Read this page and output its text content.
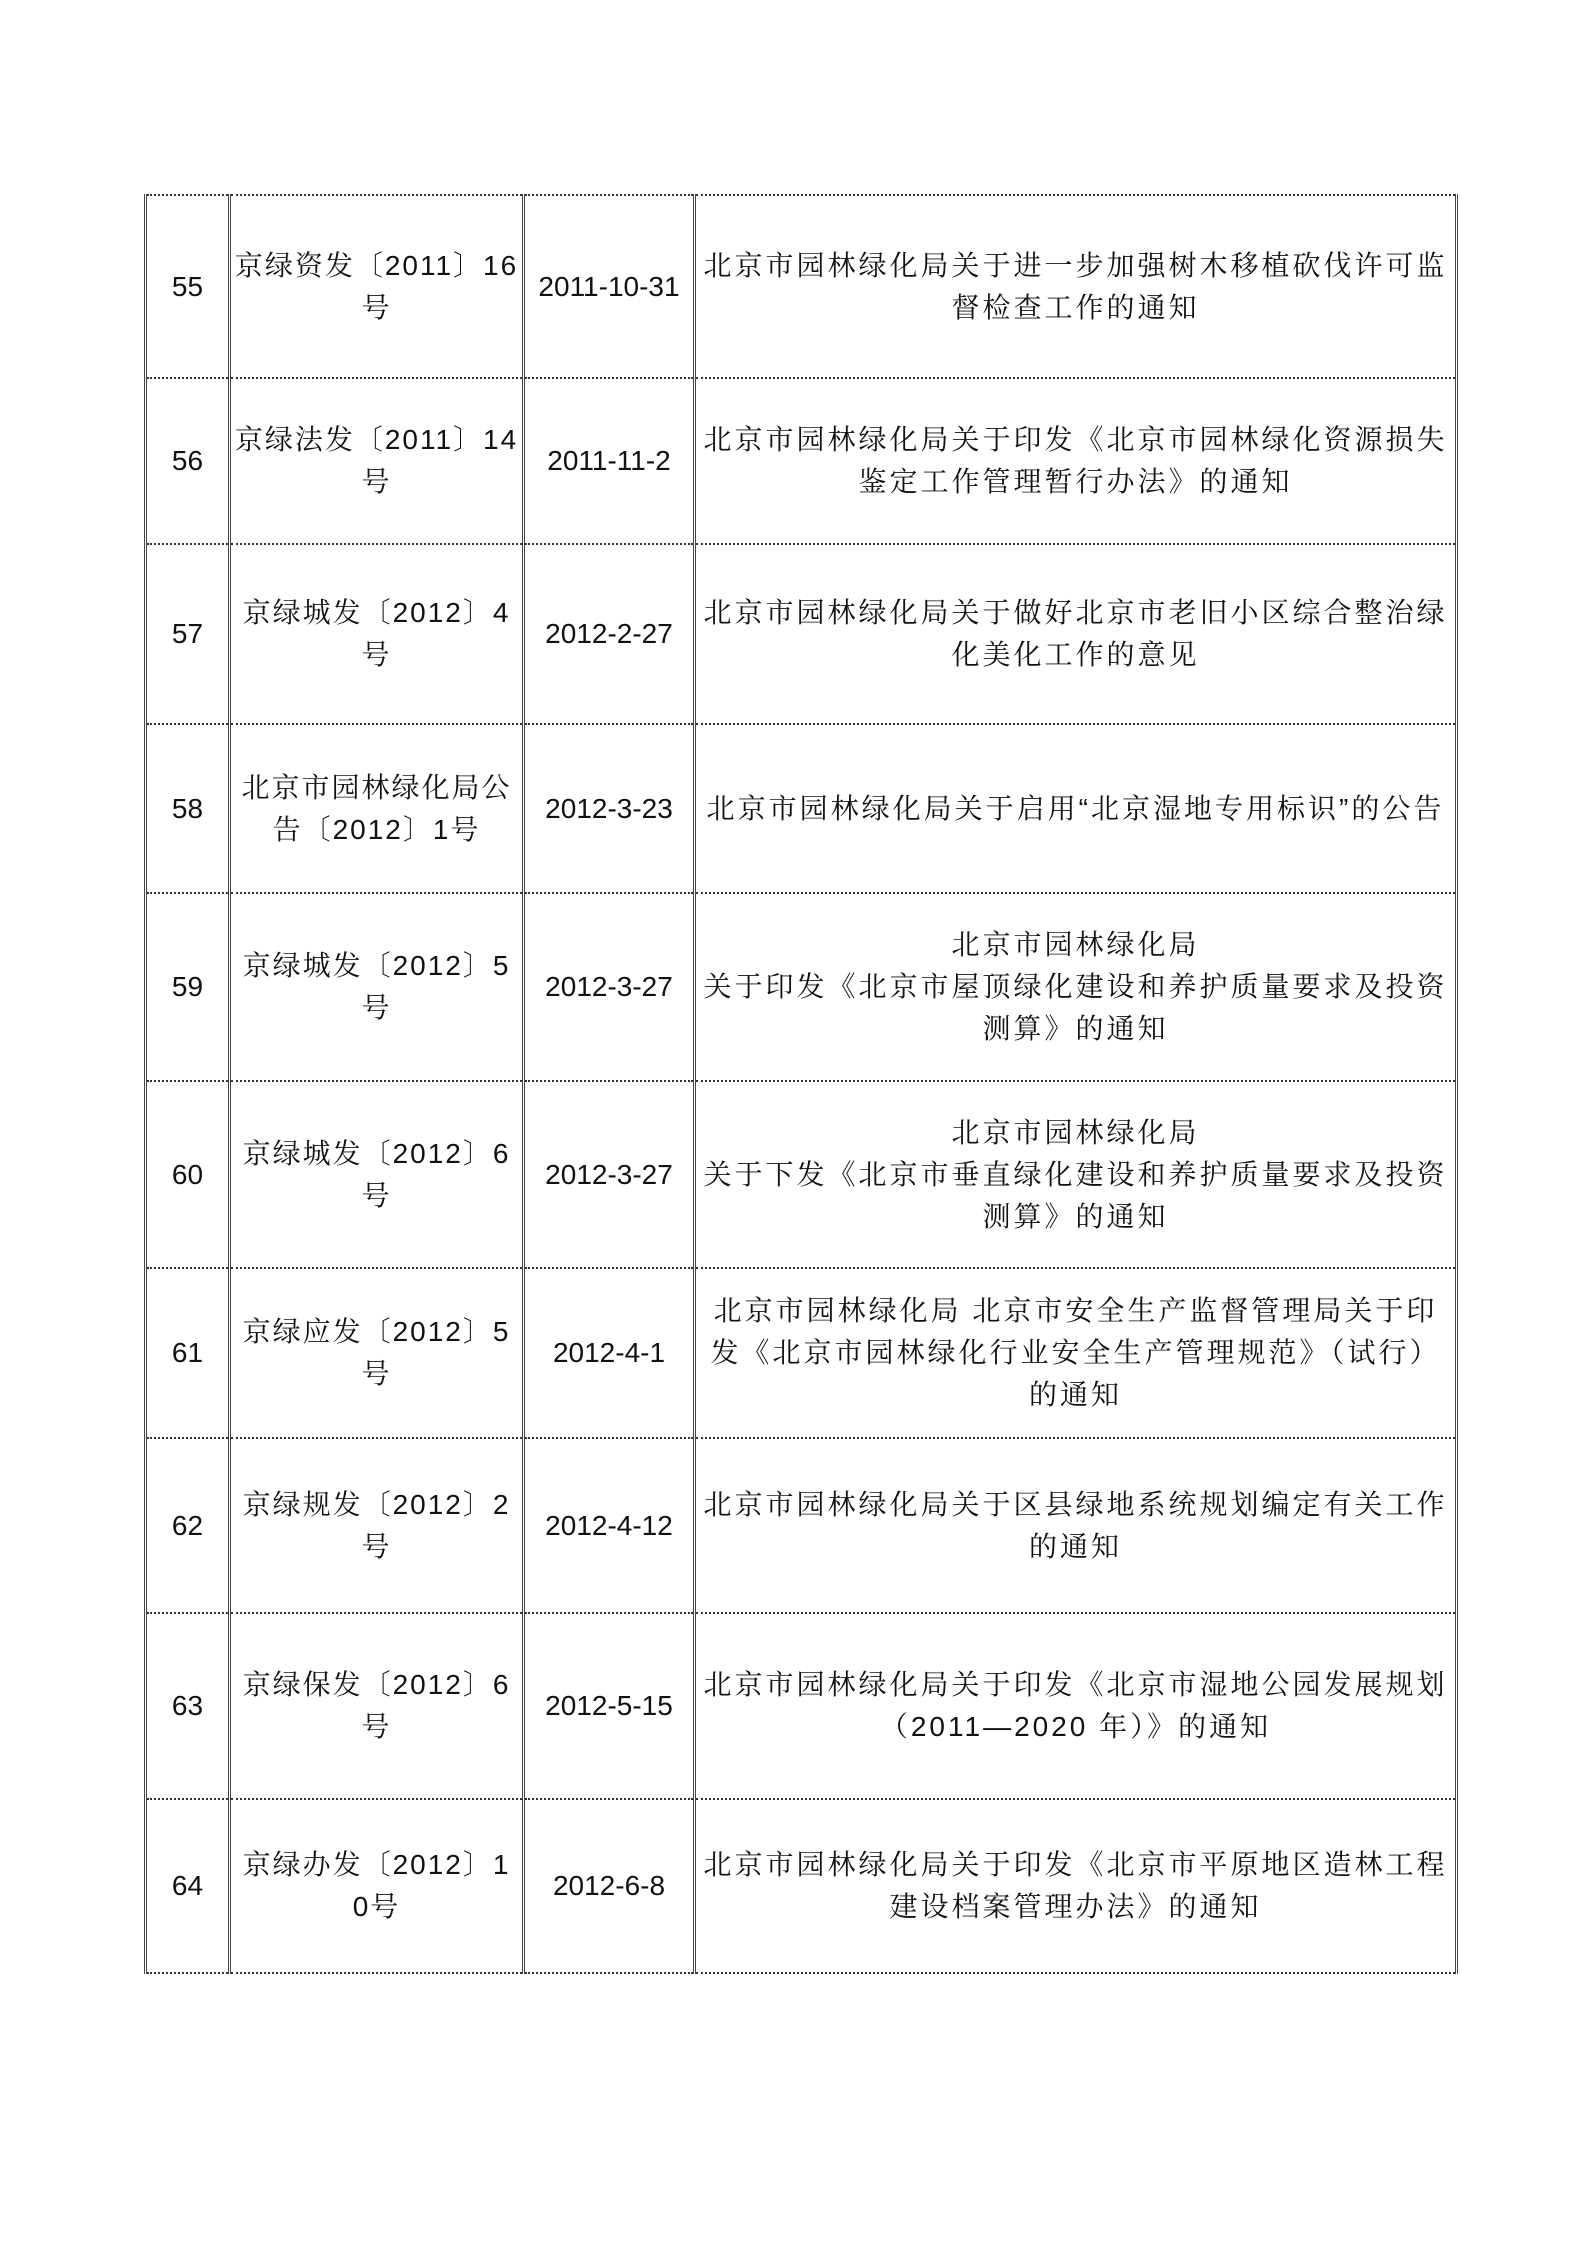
55	京绿资发〔2011〕16号	2011-10-31	北京市园林绿化局关于进一步加强树木移植砍伐许可监督检查工作的通知
56	京绿法发〔2011〕14号	2011-11-2	北京市园林绿化局关于印发《北京市园林绿化资源损失鉴定工作管理暂行办法》的通知
57	京绿城发〔2012〕4号	2012-2-27	北京市园林绿化局关于做好北京市老旧小区综合整治绿化美化工作的意见
58	北京市园林绿化局公告〔2012〕1号	2012-3-23	北京市园林绿化局关于启用“北京湿地专用标识”的公告
59	京绿城发〔2012〕5号	2012-3-27	北京市园林绿化局
关于印发《北京市屋顶绿化建设和养护质量要求及投资测算》的通知
60	京绿城发〔2012〕6号	2012-3-27	北京市园林绿化局
关于下发《北京市垂直绿化建设和养护质量要求及投资测算》的通知
61	京绿应发〔2012〕5号	2012-4-1	北京市园林绿化局 北京市安全生产监督管理局关于印发《北京市园林绿化行业安全生产管理规范》（试行）的通知
62	京绿规发〔2012〕2号	2012-4-12	北京市园林绿化局关于区县绿地系统规划编定有关工作的通知
63	京绿保发〔2012〕6号	2012-5-15	北京市园林绿化局关于印发《北京市湿地公园发展规划（2011—2020 年）》的通知
64	京绿办发〔2012〕10号	2012-6-8	北京市园林绿化局关于印发《北京市平原地区造林工程建设档案管理办法》的通知
